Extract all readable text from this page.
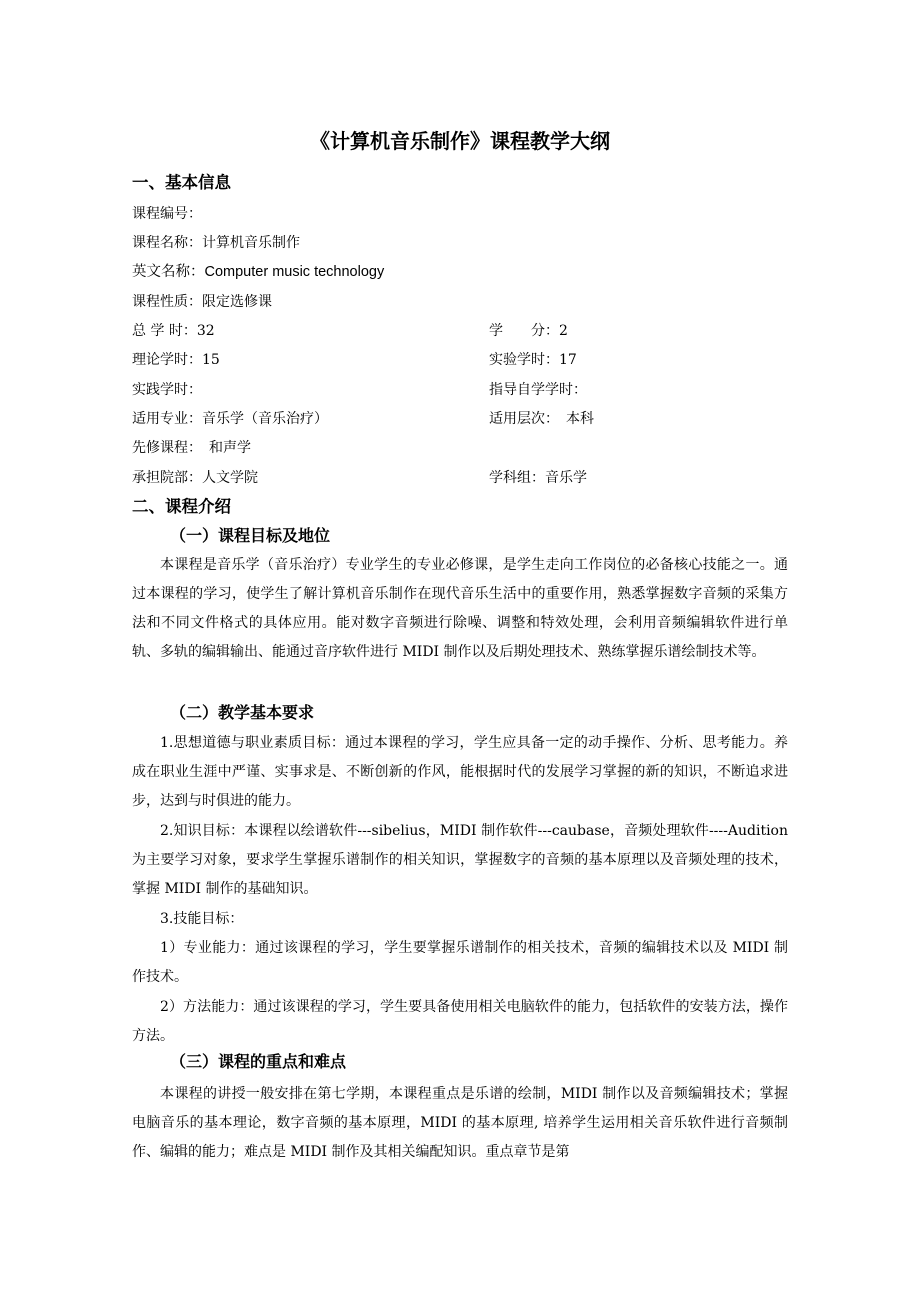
《计算机音乐制作》课程教学大纲
一、基本信息
课程编号：
课程名称：计算机音乐制作
英文名称：Computer music technology
课程性质：限定选修课
总 学 时：32	学　　分：2
理论学时：15	实验学时：17
实践学时：	指导自学学时：
适用专业：音乐学（音乐治疗）	适用层次：　本科
先修课程：　和声学
承担院部：人文学院	学科组：音乐学
二、课程介绍
（一）课程目标及地位
本课程是音乐学（音乐治疗）专业学生的专业必修课，是学生走向工作岗位的必备核心技能之一。通过本课程的学习，使学生了解计算机音乐制作在现代音乐生活中的重要作用，熟悉掌握数字音频的采集方法和不同文件格式的具体应用。能对数字音频进行除噪、调整和特效处理，会利用音频编辑软件进行单轨、多轨的编辑输出、能通过音序软件进行 MIDI 制作以及后期处理技术、熟练掌握乐谱绘制技术等。
（二）教学基本要求
1.思想道德与职业素质目标：通过本课程的学习，学生应具备一定的动手操作、分析、思考能力。养成在职业生涯中严谨、实事求是、不断创新的作风，能根据时代的发展学习掌握的新的知识，不断追求进步，达到与时俱进的能力。
2.知识目标：本课程以绘谱软件---sibelius，MIDI 制作软件---caubase，音频处理软件----Audition 为主要学习对象，要求学生掌握乐谱制作的相关知识，掌握数字的音频的基本原理以及音频处理的技术，掌握 MIDI 制作的基础知识。
3.技能目标：
1）专业能力：通过该课程的学习，学生要掌握乐谱制作的相关技术，音频的编辑技术以及 MIDI 制作技术。
2）方法能力：通过该课程的学习，学生要具备使用相关电脑软件的能力，包括软件的安装方法，操作方法。
（三）课程的重点和难点
本课程的讲授一般安排在第七学期，本课程重点是乐谱的绘制，MIDI 制作以及音频编辑技术；掌握电脑音乐的基本理论，数字音频的基本原理，MIDI 的基本原理, 培养学生运用相关音乐软件进行音频制作、编辑的能力；难点是 MIDI 制作及其相关编配知识。重点章节是第
